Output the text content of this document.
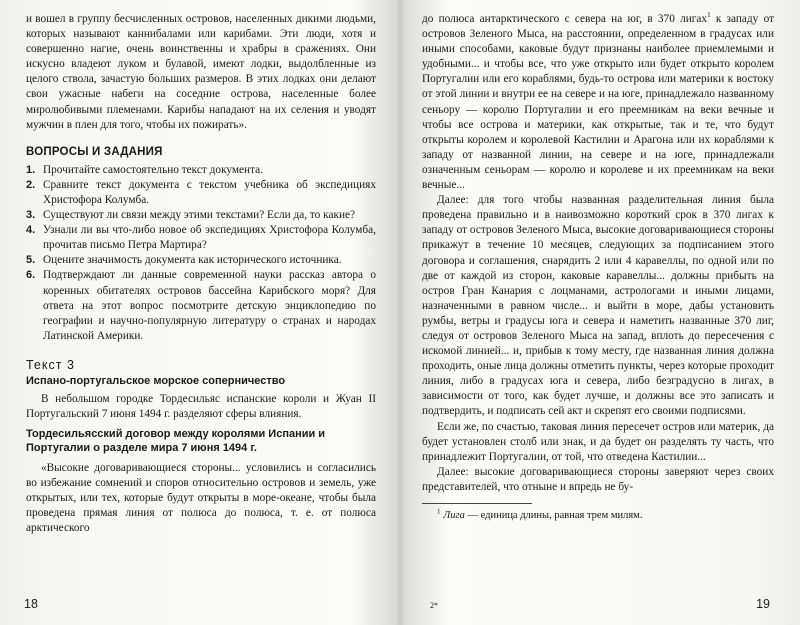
и вошел в группу бесчисленных островов, населенных дикими людьми, которых называют каннибалами или карибами. Эти люди, хотя и совершенно нагие, очень воинственны и храбры в сражениях. Они искусно владеют луком и булавой, имеют лодки, выдолбленные из целого ствола, зачастую больших размеров. В этих лодках они делают свои ужасные набеги на соседние острова, населенные более миролюбивыми племенами. Карибы нападают на их селения и уводят мужчин в плен для того, чтобы их пожирать».

ВОПРОСЫ И ЗАДАНИЯ
1. Прочитайте самостоятельно текст документа.
2. Сравните текст документа с текстом учебника об экспедициях Христофора Колумба.
3. Существуют ли связи между этими текстами? Если да, то какие?
4. Узнали ли вы что-либо новое об экспедициях Христофора Колумба, прочитав письмо Петра Мартира?
5. Оцените значимость документа как исторического источника.
6. Подтверждают ли данные современной науки рассказ автора о коренных обитателях островов бассейна Карибского моря? Для ответа на этот вопрос посмотрите детскую энциклопедию по географии и научно-популярную литературу о странах и народах Латинской Америки.
Текст 3
Испано-португальское морское соперничество

В небольшом городке Тордесильяс испанские короли и Жуан II Португальский 7 июня 1494 г. разделяют сферы влияния.

Тордесильясский договор между королями Испании и Португалии о разделе мира 7 июня 1494 г.

«Высокие договаривающиеся стороны... условились и согласились во избежание сомнений и споров относительно островов и земель, уже открытых, или тех, которые будут открыты в море-океане, чтобы была проведена прямая линия от полюса до полюса, т. е. от полюса арктического

18

до полюса антарктического с севера на юг, в 370 лигах$^1$ к западу от островов Зеленого Мыса, на расстоянии, определенном в градусах или иными способами, каковые будут признаны наиболее приемлемыми и удобными... и чтобы все, что уже открыто или будет открыто королем Португалии или его кораблями, будь-то острова или материки к востоку от этой линии и внутри ее на севере и на юге, принадлежало названному сеньору — королю Португалии и его преемникам на веки вечные и чтобы все острова и материки, как открытые, так и те, что будут открыты королем и королевой Кастилии и Арагона или их кораблями к западу от названной линии, на севере и на юге, принадлежали означенным сеньорам — королю и королеве и их преемникам на веки вечные...

Далее: для того чтобы названная разделительная линия была проведена правильно и в наивозможно короткий срок в 370 лигах к западу от островов Зеленого Мыса, высокие договаривающиеся стороны прикажут в течение 10 месяцев, следующих за подписанием этого договора и соглашения, снарядить 2 или 4 каравеллы, по одной или по две от каждой из сторон, каковые каравеллы... должны прибыть на остров Гран Канария с лоцманами, астрологами и иными лицами, назначенными в равном числе... и выйти в море, дабы установить румбы, ветры и градусы юга и севера и наметить названные 370 лиг, следуя от островов Зеленого Мыса на запад, вплоть до пересечения с искомой линией... и, прибыв к тому месту, где названная линия должна проходить, оные лица должны отметить пункты, через которые проходит линия, либо в градусах юга и севера, либо безградусно в лигах, в зависимости от того, как будет лучше, и должны все это записать и подтвердить, и подписать сей акт и скрепят его своими подписями.

Если же, по счастью, таковая линия пересечет остров или материк, да будет установлен столб или знак, и да будет он разделять ту часть, что принадлежит Португалии, от той, что отведена Кастилии...

Далее: высокие договаривающиеся стороны заверяют через своих представителей, что отныне и впредь не бу-

$^1$ Лига — единица длины, равная трем милям.
2*	19
